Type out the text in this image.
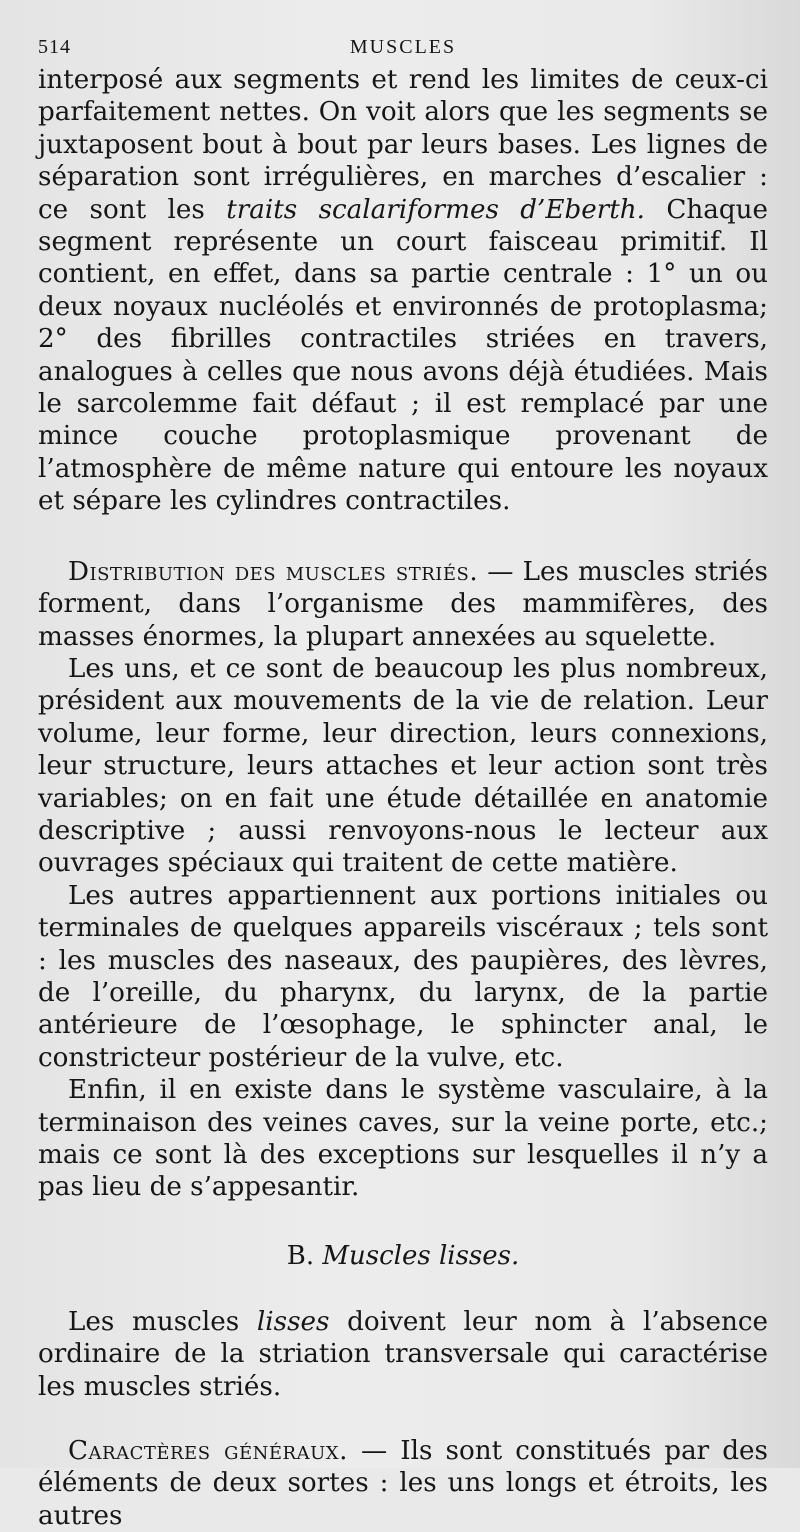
514	MUSCLES

interposé aux segments et rend les limites de ceux-ci parfaitement nettes. On voit alors que les segments se juxtaposent bout à bout par leurs bases. Les lignes de séparation sont irrégulières, en marches d’escalier : ce sont les traits scalariformes d’Eberth. Chaque segment représente un court faisceau primitif. Il contient, en effet, dans sa partie centrale : 1° un ou deux noyaux nucléolés et environnés de protoplasma; 2° des fibrilles contractiles striées en travers, analogues à celles que nous avons déjà étudiées. Mais le sarcolemme fait défaut ; il est remplacé par une mince couche protoplasmique provenant de l’atmosphère de même nature qui entoure les noyaux et sépare les cylindres contractiles.

Distribution des muscles striés. — Les muscles striés forment, dans l’organisme des mammifères, des masses énormes, la plupart annexées au squelette.

Les uns, et ce sont de beaucoup les plus nombreux, président aux mouvements de la vie de relation. Leur volume, leur forme, leur direction, leurs connexions, leur structure, leurs attaches et leur action sont très variables; on en fait une étude détaillée en anatomie descriptive ; aussi renvoyons-nous le lecteur aux ouvrages spéciaux qui traitent de cette matière.

Les autres appartiennent aux portions initiales ou terminales de quelques appareils viscéraux ; tels sont : les muscles des naseaux, des paupières, des lèvres, de l’oreille, du pharynx, du larynx, de la partie antérieure de l’œsophage, le sphincter anal, le constricteur postérieur de la vulve, etc.

Enfin, il en existe dans le système vasculaire, à la terminaison des veines caves, sur la veine porte, etc.; mais ce sont là des exceptions sur lesquelles il n’y a pas lieu de s’appesantir.

B. Muscles lisses.

Les muscles lisses doivent leur nom à l’absence ordinaire de la striation transversale qui caractérise les muscles striés.

Caractères généraux. — Ils sont constitués par des éléments de deux sortes : les uns longs et étroits, les autres
